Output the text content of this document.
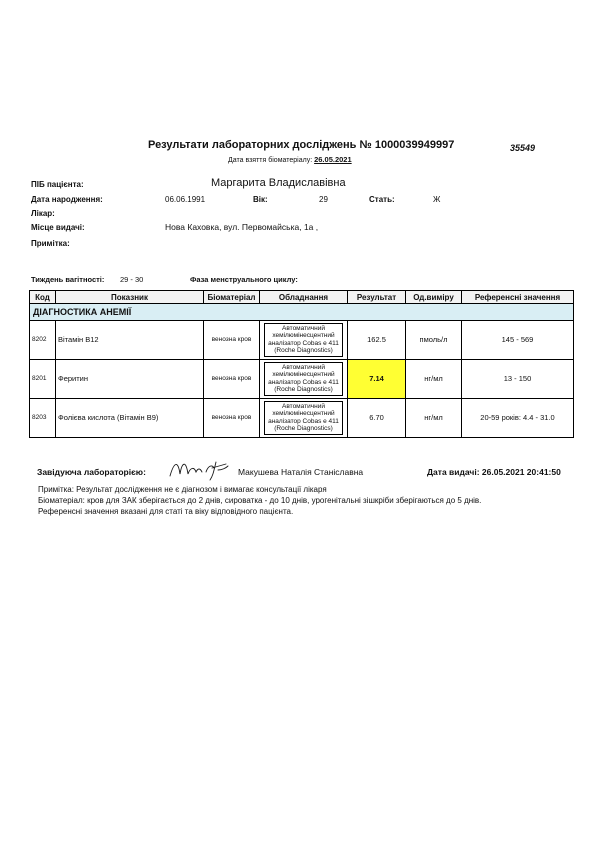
Результати лабораторних досліджень № 1000039949997
Дата взяття біоматеріалу: 26.05.2021
35549
ПІБ пацієнта:	Маргарита Владиславівна
Дата народження:	06.06.1991	Вік:	29	Стать:	Ж
Лікар:
Місце видачі:	Нова Каховка, вул. Первомайська, 1а ,
Примітка:
Тиждень вагітності: 29 - 30	Фаза менструального циклу:
Код	Показник	Біоматеріал	Обладнання	Результат	Од.виміру	Референсні значення
ДІАГНОСТИКА АНЕМІЇ						
8202	Вітамін B12	венозна кров	Автоматичний хемілюмінесцентний аналізатор Cobas e 411 (Roche Diagnostics)	162.5	пмоль/л	145 - 569
8201	Феритин	венозна кров	Автоматичний хемілюмінесцентний аналізатор Cobas e 411 (Roche Diagnostics)	7.14	нг/мл	13 - 150
8203	Фолієва кислота (Вітамін B9)	венозна кров	Автоматичний хемілюмінесцентний аналізатор Cobas e 411 (Roche Diagnostics)	6.70	нг/мл	20-59 років: 4.4 - 31.0
Завідуюча лабораторією:	Макушева Наталія Станіславна	Дата видачі: 26.05.2021 20:41:50
Примітка: Результат дослідження не є діагнозом і вимагає консультації лікаря
Біоматеріал: кров для ЗАК зберігається до 2 днів, сироватка - до 10 днів, урогенітальні зішкріби зберігаються до 5 днів.
Референсні значення вказані для статі та віку відповідного пацієнта.
